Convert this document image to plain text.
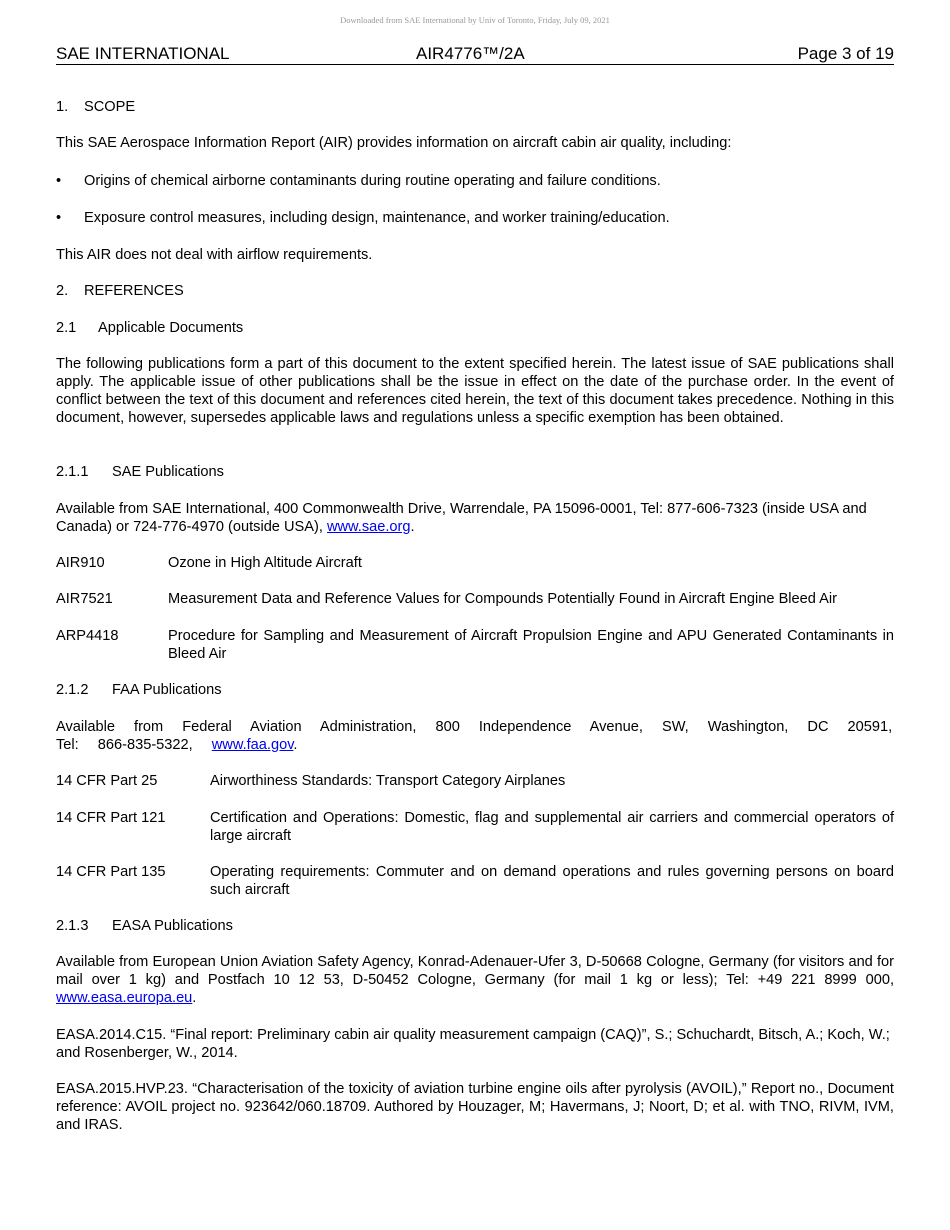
Downloaded from SAE International by Univ of Toronto, Friday, July 09, 2021
SAE INTERNATIONAL	AIR4776™/2A	Page 3 of 19
1. SCOPE
This SAE Aerospace Information Report (AIR) provides information on aircraft cabin air quality, including:
• Origins of chemical airborne contaminants during routine operating and failure conditions.
• Exposure control measures, including design, maintenance, and worker training/education.
This AIR does not deal with airflow requirements.
2. REFERENCES
2.1 Applicable Documents
The following publications form a part of this document to the extent specified herein. The latest issue of SAE publications shall apply. The applicable issue of other publications shall be the issue in effect on the date of the purchase order. In the event of conflict between the text of this document and references cited herein, the text of this document takes precedence. Nothing in this document, however, supersedes applicable laws and regulations unless a specific exemption has been obtained.
2.1.1 SAE Publications
Available from SAE International, 400 Commonwealth Drive, Warrendale, PA 15096-0001, Tel: 877-606-7323 (inside USA and Canada) or 724-776-4970 (outside USA), www.sae.org.
AIR910	Ozone in High Altitude Aircraft
AIR7521	Measurement Data and Reference Values for Compounds Potentially Found in Aircraft Engine Bleed Air
ARP4418	Procedure for Sampling and Measurement of Aircraft Propulsion Engine and APU Generated Contaminants in Bleed Air
2.1.2 FAA Publications
Available from Federal Aviation Administration, 800 Independence Avenue, SW, Washington, DC 20591, Tel: 866-835-5322, www.faa.gov.
14 CFR Part 25	Airworthiness Standards: Transport Category Airplanes
14 CFR Part 121	Certification and Operations: Domestic, flag and supplemental air carriers and commercial operators of large aircraft
14 CFR Part 135	Operating requirements: Commuter and on demand operations and rules governing persons on board such aircraft
2.1.3 EASA Publications
Available from European Union Aviation Safety Agency, Konrad-Adenauer-Ufer 3, D-50668 Cologne, Germany (for visitors and for mail over 1 kg) and Postfach 10 12 53, D-50452 Cologne, Germany (for mail 1 kg or less); Tel: +49 221 8999 000, www.easa.europa.eu.
EASA.2014.C15. “Final report: Preliminary cabin air quality measurement campaign (CAQ)”, S.; Schuchardt, Bitsch, A.; Koch, W.; and Rosenberger, W., 2014.
EASA.2015.HVP.23. “Characterisation of the toxicity of aviation turbine engine oils after pyrolysis (AVOIL),” Report no., Document reference: AVOIL project no. 923642/060.18709. Authored by Houzager, M; Havermans, J; Noort, D; et al. with TNO, RIVM, IVM, and IRAS.
